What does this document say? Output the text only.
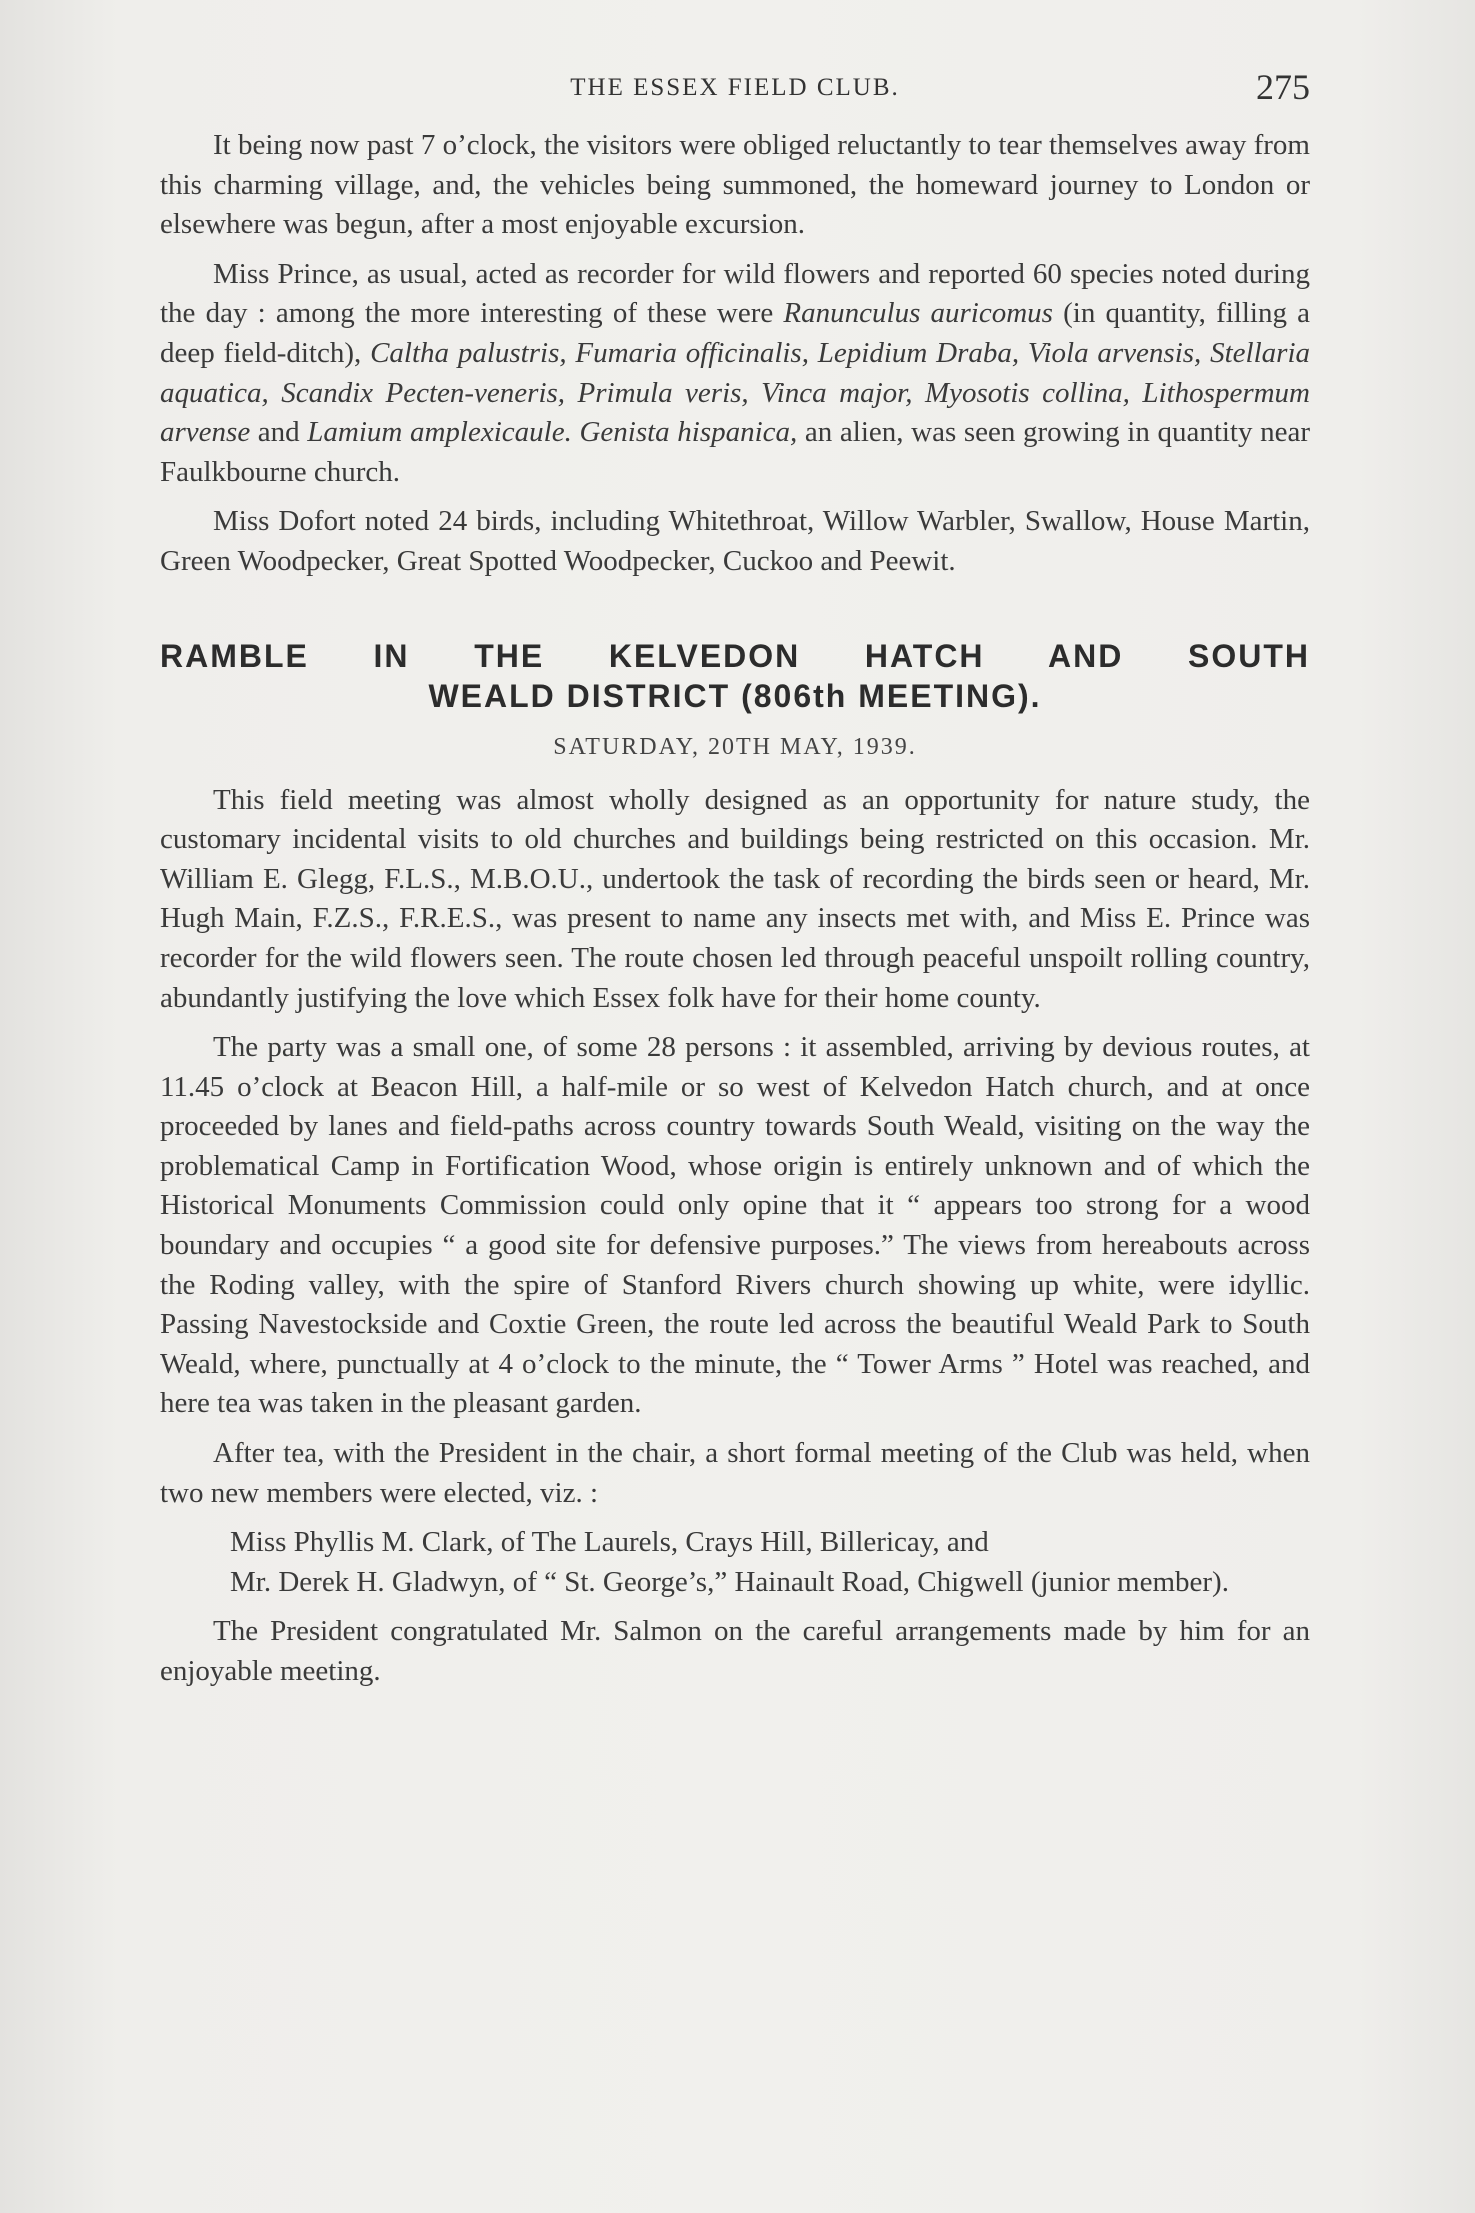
THE ESSEX FIELD CLUB.	275

It being now past 7 o’clock, the visitors were obliged reluctantly to tear themselves away from this charming village, and, the vehicles being summoned, the homeward journey to London or elsewhere was begun, after a most enjoyable excursion.

Miss Prince, as usual, acted as recorder for wild flowers and reported 60 species noted during the day : among the more interesting of these were Ranunculus auricomus (in quantity, filling a deep field-ditch), Caltha palustris, Fumaria officinalis, Lepidium Draba, Viola arvensis, Stellaria aquatica, Scandix Pecten-veneris, Primula veris, Vinca major, Myosotis collina, Lithospermum arvense and Lamium amplexicaule. Genista hispanica, an alien, was seen growing in quantity near Faulkbourne church.

Miss Dofort noted 24 birds, including Whitethroat, Willow Warbler, Swallow, House Martin, Green Woodpecker, Great Spotted Woodpecker, Cuckoo and Peewit.

RAMBLE IN THE KELVEDON HATCH AND SOUTH
WEALD DISTRICT (806th MEETING).
SATURDAY, 20TH MAY, 1939.

This field meeting was almost wholly designed as an opportunity for nature study, the customary incidental visits to old churches and buildings being restricted on this occasion. Mr. William E. Glegg, F.L.S., M.B.O.U., undertook the task of recording the birds seen or heard, Mr. Hugh Main, F.Z.S., F.R.E.S., was present to name any insects met with, and Miss E. Prince was recorder for the wild flowers seen. The route chosen led through peaceful unspoilt rolling country, abundantly justifying the love which Essex folk have for their home county.

The party was a small one, of some 28 persons : it assembled, arriving by devious routes, at 11.45 o’clock at Beacon Hill, a half-mile or so west of Kelvedon Hatch church, and at once proceeded by lanes and field-paths across country towards South Weald, visiting on the way the problematical Camp in Fortification Wood, whose origin is entirely unknown and of which the Historical Monuments Commission could only opine that it “ appears too strong for a wood boundary and occupies “ a good site for defensive purposes.” The views from hereabouts across the Roding valley, with the spire of Stanford Rivers church showing up white, were idyllic. Passing Navestockside and Coxtie Green, the route led across the beautiful Weald Park to South Weald, where, punctually at 4 o’clock to the minute, the “ Tower Arms ” Hotel was reached, and here tea was taken in the pleasant garden.

After tea, with the President in the chair, a short formal meeting of the Club was held, when two new members were elected, viz. :

Miss Phyllis M. Clark, of The Laurels, Crays Hill, Billericay, and
Mr. Derek H. Gladwyn, of “ St. George’s,” Hainault Road, Chigwell (junior member).

The President congratulated Mr. Salmon on the careful arrangements made by him for an enjoyable meeting.
